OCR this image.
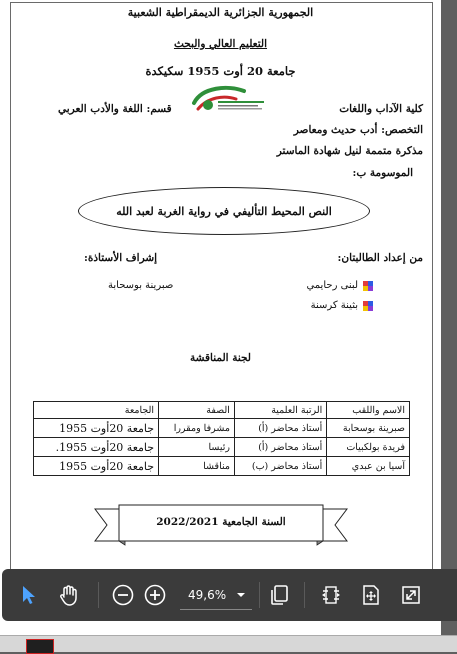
الجمهورية الجزائرية الديمقراطية الشعبية
التعليم العالي والبحث
جامعة 20 أوت 1955 سكيكدة
كلية الآداب واللغات
قسم: اللغة والأدب العربي
التخصص: أدب حديث ومعاصر
مذكرة متممة لنيل شهادة الماستر
الموسومة ب:
النص المحيط التأليفي في رواية الغربة لعبد الله
من إعداد الطالبتان:
إشراف الأستاذة:
لبنى رحايمي
بثينة كرسنة
صبرينة بوسحابة
لجنة المناقشة
الاسم واللقب	الرتبة العلمية	الصفة	الجامعة
صبرينة بوسحابة	أستاذ محاضر (أ)	مشرفا ومقررا	جامعة 20أوت 1955
فريدة بولكبيات	أستاذ محاضر (أ)	رئيسا	جامعة 20أوت 1955.
آسيا بن عبدي	أستاذ محاضر (ب)	مناقشا	جامعة 20أوت 1955
السنة الجامعية 2022/2021
49,6%
